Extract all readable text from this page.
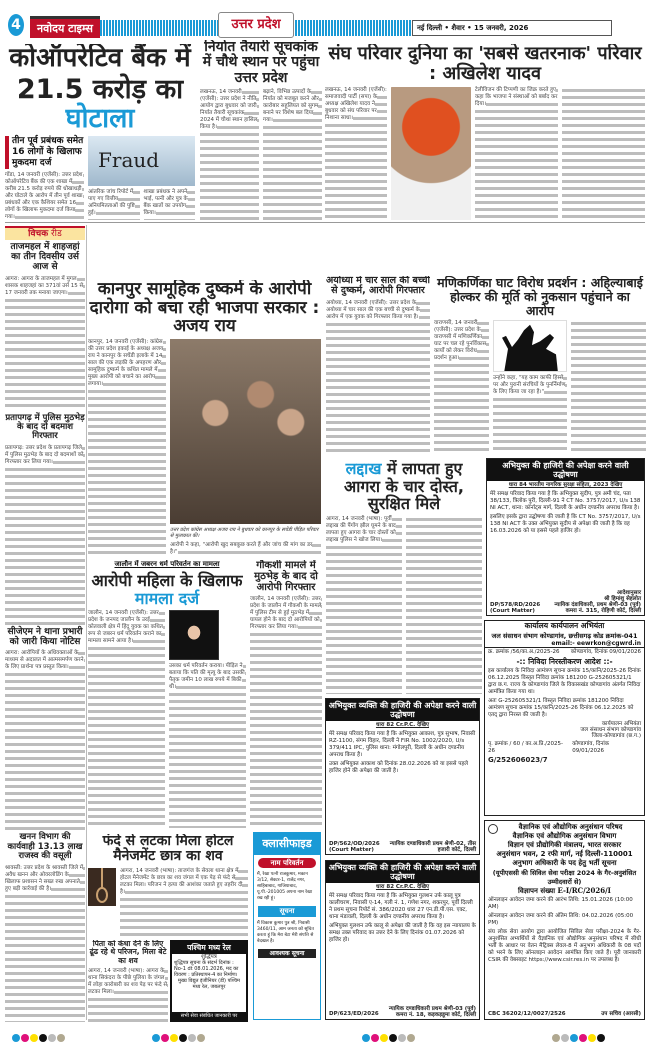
4	नवोदय टाइम्स	उत्तर प्रदेश	नई दिल्ली • शैवार • 15 जनवरी, 2026
कोऑपरेटिव बैंक में
21.5 करोड़ का घोटाला
तीन पूर्व प्रबंधक समेत 16 लोगों के खिलाफ मुकदमा दर्ज
गोंडा, 14 जनवरी (एजेंसी): उत्तर प्रदेश कोऑपरेटिव बैंक की एक शाखा में करीब 21.5 करोड़ रुपये की धोखाधड़ी और घोटाले के आरोप में तीन पूर्व शाखा प्रबंधकों और एक कैशियर समेत 16 लोगों के खिलाफ मुकदमा दर्ज किया गया।
Fraud
आंतरिक जांच रिपोर्ट में पाए गए वित्तीय अनियमितताओं की पुष्टि हुई।
शाखा प्रबंधक ने अपने भाई, पत्नी और पुत्र के बैंक खातों का उपयोग किया।
निर्यात तैयारी सूचकांक में चौथे स्थान पर पहुंचा उत्तर प्रदेश
लखनऊ, 14 जनवरी (एजेंसी): उत्तर प्रदेश ने नीति आयोग द्वारा बुधवार को जारी निर्यात तैयारी सूचकांक 2024 में चौथा स्थान हासिल किया है।
बढ़ाने, विभिन्न उत्पादों के निर्यात को मजबूत करने और कारोबार सहूलियत को सुगम बनाने पर विशेष बल दिया गया।
संघ परिवार दुनिया का 'सबसे खतरनाक' परिवार : अखिलेश यादव
लखनऊ, 14 जनवरी (एजेंसी): समाजवादी पार्टी (सपा) के अध्यक्ष अखिलेश यादव ने बुधवार को संघ परिवार पर निशाना साधा।
टेलीविजन की टिप्पणी का जिक्र करते हुए कहा कि भाजपा ने संस्थाओं को बर्बाद कर दिया।
विचक रीड
ताजमहल में शाहजहां का तीन दिवसीय उर्स आज से
आगरा: आगरा के ताजमहल में मुगल शासक शाहजहां का 371वां उर्स 15 से 17 जनवरी तक मनाया जाएगा।
प्रतापगढ़ में पुलिस मुठभेड़ के बाद दो बदमाश गिरफ्तार
प्रतापगढ़: उत्तर प्रदेश के प्रतापगढ़ जिले में पुलिस मुठभेड़ के बाद दो बदमाशों को गिरफ्तार कर लिया गया।
सीजेएम ने थाना प्रभारी को जारी किया नोटिस
आगरा: आरोपियों के अधिवक्ताओं के माध्यम से अदालत में आत्मसमर्पण करने के लिए प्रार्थना पत्र प्रस्तुत किया।
खनन विभाग की कार्यवाही 13.13 लाख राजस्व की वसूली
श्रावस्ती: उत्तर प्रदेश के श्रावस्ती जिले में अवैध खनन और ओवरलोडिंग के खिलाफ प्रशासन ने सख्त रुख अपनाते हुए बड़ी कार्रवाई की है।
कानपुर सामूहिक दुष्कर्म के आरोपी दारोगा को बचा रही भाजपा सरकार : अजय राय
कानपुर, 14 जनवरी (एजेंसी): कांग्रेस की उत्तर प्रदेश इकाई के अध्यक्ष अजय राय ने कानपुर के सचेंडी इलाके में 14 साल की एक लड़की के अपहरण और सामूहिक दुष्कर्म के कथित मामले में मुख्य आरोपी को बचाने का आरोप लगाया।
उत्तर प्रदेश कांग्रेस अध्यक्ष अजय राय ने बुधवार को कानपुर के सचेंडी पीड़ित परिवार से मुलाकात की।
आरोपी ने कहा, "आरोपी खुद सबकुछ करते हैं और जांच की मांग का डर है।"
जालौन में जबरन धर्म परिवर्तन का मामला
आरोपी महिला के खिलाफ मामला दर्ज
जालौन, 14 जनवरी (एजेंसी): उत्तर प्रदेश के जनपद जालौन के उरई कोतवाली क्षेत्र में हिंदू युवक का कथित रूप से जबरन धर्म परिवर्तन कराने का मामला सामने आया है।
उसका धर्म परिवर्तन कराया। पीड़ित ने बताया कि पति की मृत्यु के बाद उसकी पैतृक जमीन 10 लाख रुपये में बिकी थी।
गौकशी मामले में मुठभेड़ के बाद दो आरोपी गिरफ्तार
जालौन, 14 जनवरी (एजेंसी): उत्तर प्रदेश के जालौन में गौकशी के मामले में पुलिस टीम से हुई मुठभेड़ में घायल होने के बाद दो आरोपियों को गिरफ्तार कर लिया गया।
अयोध्या में चार साल की बच्ची से दुष्कर्म, आरोपी गिरफ्तार
अयोध्या, 14 जनवरी (एजेंसी): उत्तर प्रदेश के अयोध्या में चार साल की एक बच्ची से दुष्कर्म के आरोप में एक युवक को गिरफ्तार किया गया है।
मणिकर्णिका घाट विरोध प्रदर्शन : अहिल्याबाई होल्कर की मूर्ति को नुकसान पहुंचाने का आरोप
वाराणसी, 14 जनवरी (एजेंसी): उत्तर प्रदेश के वाराणसी में मणिकर्णिका घाट पर चल रहे पुनर्विकास कार्यों को लेकर विरोध प्रदर्शन हुआ।
उन्होंने कहा, "यह काम काफी हिस्से पर और पुरानी संरचियों के पुनर्निर्माण के लिए किया जा रहा है।"
लद्दाख में लापता हुए आगरा के चार दोस्त, सुरक्षित मिले
आगरा, 14 जनवरी (भाषा): पूर्वी लद्दाख की पैंगोंग झील घूमने के बाद लापता हुए आगरा के चार दोस्तों को लद्दाख पुलिस ने खोज लिया।
अभियुक्त की हाजिरी की अपेक्षा करने वाली उद्घोषणा
धारा 84 भारतीय नागरिक सुरक्षा संहिता, 2023 देखिए
मेरे समक्ष परिवाद किया गया है कि अभियुक्त सुदीप, पुत्र अमी चंद, पता 38/133, त्रिलोक पुरी, दिल्ली-91 ने CT No. 3757/2017, U/s 138 NI ACT, थाना: कॉर्नाट्स मार्ग, दिल्ली के अधीन दण्डनीय अपराध किया है।
इसलिए इसके द्वारा उद्घोषणा की जाती है कि CT No. 3757/2017, U/s 138 NI ACT के उक्त अभियुक्त सुदीप से अपेक्षा की जाती है कि वह 16.03.2026 को या इससे पहले हाजिर हो।
DP/578/RD/2026
(Court Matter)
आदेशानुसार
श्री हिमांशु सेहलोत
न्यायिक दंडाधिकारी, प्रथम श्रेणी-03 (पूर्व)
कमरा नं. 315, रोहिणी कोर्ट, दिल्ली
कार्यालय कार्यपालन अभियंता
जल संसाधन संभाग कोण्डागांव, छत्तीसगढ़ कोड क्रमांक-041
email:- eewrkon@cgwrd.in
क्र. क्रमांक /56/का.अ./2025-26 कोण्डागांव, दिनांक 09/01/2026
-:: निविदा निरस्तीकरण आदेश ::-
इस कार्यालय के निविदा आमंत्रण सूचना क्रमांक 15/कानि/2025-26 दिनांक 06.12.2025 विस्तृत निविदा क्रमांक 181200 G-252605321/1 द्वारा छ.ग. राज्य के कोण्डागांव जिले के विकासखंड कोण्डागांव अंतर्गत निविदा आमंत्रित किया गया था।
अतः G-252605321/1 विस्तृत निविदा क्रमांक 181200 निविदा आमंत्रण सूचना क्रमांक 15/कानि/2025-26 दिनांक 06.12.2025 को एतद् द्वारा निरस्त की जाती है।
कार्यपालन अभियंता
जल संसाधन संभाग कोण्डागांव
जिला-कोण्डागांव (छ.ग.)
पृ. क्रमांक / 60 / का.अ.प्रि./2025-26
कोण्डागांव, दिनांक 09/01/2026
G/252606023/7
अभियुक्त व्यक्ति की हाजिरी की अपेक्षा करने वाली उद्घोषणा
धारा 82 Cr.P.C. देखिए
मेरे समक्ष परिवाद किया गया है कि अभियुक्त आकाश, पुत्र सुभाष, निवासी RZ-1100, संगम विहार, दिल्ली ने FIR No. 1002/2020, U/s 379/411 IPC, पुलिस थाना: मंगोलपुरी, दिल्ली के अधीन दण्डनीय अपराध किया है।
उक्त अभियुक्त आकाश को दिनांक 28.02.2026 को या इससे पहले हाजिर होने की अपेक्षा की जाती है।
DP/562/OD/2026
(Court Matter)
न्यायिक दण्डाधिकारी प्रथम श्रेणी-02, तीस हजारी कोर्ट, दिल्ली
अभियुक्त व्यक्ति की हाजिरी की अपेक्षा करने वाली उद्घोषणा
धारा 82 Cr.P.C. देखिए
मेरे समक्ष परिवाद किया गया है कि अभियुक्त गुलशन उर्फ कालू पुत्र कालीचरण, निवासी ए-14, गली नं. 1, गणेश नगर, शकरपुर, पूर्वी दिल्ली ने प्रथम सूचना रिपोर्ट सं. 386/2020 धारा 27 एन.डी.पी.एस. एक्ट, थाना मंडावली, दिल्ली के अधीन दण्डनीय अपराध किया है।
अभियुक्त गुलशन उर्फ कालू से अपेक्षा की जाती है कि वह इस न्यायालय के समक्ष उक्त परिवाद का उत्तर देने के लिए दिनांक 01.07.2026 को हाजिर हो।
DP/623/ED/2026
न्यायिक दण्डाधिकारी प्रथम श्रेणी-03 (पूर्व) कमरा नं. 18, कड़कड़डूमा कोर्ट, दिल्ली
वैज्ञानिक एवं औद्योगिक अनुसंधान परिषद
वैज्ञानिक एवं औद्योगिक अनुसंधान विभाग
विज्ञान एवं प्रौद्योगिकी मंत्रालय, भारत सरकार
अनुसंधान भवन, 2 रफी मार्ग, नई दिल्ली-110001
अनुभाग अधिकारी के पद हेतु भर्ती सूचना
(यूपीएससी की सिविल सेवा परीक्षा 2024 के गैर-अनुशंसित उम्मीदवारों से)
विज्ञापन संख्या E-I/RC/2026/I
ऑनलाइन आवेदन जमा करने की आरंभ तिथि: 15.01.2026 (10:00 AM)
ऑनलाइन आवेदन जमा करने की अंतिम तिथि: 04.02.2026 (05:00 PM)
संघ लोक सेवा आयोग द्वारा आयोजित सिविल सेवा परीक्षा-2024 के गैर-अनुशंसित अभ्यर्थियों से वैज्ञानिक एवं औद्योगिक अनुसंधान परिषद में सीधी भर्ती के आधार पर वेतन मैट्रिक्स लेवल-8 में अनुभाग अधिकारी के 08 पदों को भरने के लिए ऑनलाइन आवेदन आमंत्रित किए जाते हैं। पूरी जानकारी CSIR की वेबसाइट https://www.csir.res.in पर उपलब्ध है।
CBC 36202/12/0027/2526	उप सचिव (आरसी)
फंदे से लटका मिला होटल मैनेजमेंट छात्र का शव
आगरा, 14 जनवरी (भाषा): ताजगंज के सेवला थाना क्षेत्र में होटल मैनेजमेंट के छात्र का शव जंगल में एक पेड़ से फंदे से लटका मिला। परिजन ने हत्या की आशंका जताते हुए तहरीर दी है।
पिता को कंधा देने के लिए ढूंढ रहे थे परिजन, मिला बेटे का शव
आगरा, 14 जनवरी (भाषा): आगरा के थाना सिकंदरा के पीछे पुलिया के जंगल में लोहा कारोबारी का शव पेड़ पर फंदे से लटका मिला।
पश्चिम मध्य रेल
शुद्धिपत्र
शुद्धिपत्र सूचना के संदर्भ दिनांक : No-1 dt 08.01.2026, मद का विवरण : प्रतिस्थापन-4 का निर्माण।
मुख्य विद्युत इंजीनियर (डी) पश्चिम मध्य रेल, जबलपुर
सभी सेवा संबंधित जानकारी पर
क्लासीफाइड
नाम परिवर्तन
मैं, रेखा पत्नी राजकुमार, मकान 3/12, सेक्टर-1, राजेंद्र नगर, साहिबाबाद, गाजियाबाद, यू.पी.-201005 अपना नाम रेखा रख रही हूं।
सूचना
मैं विकास कुमार पुत्र श्री, निवासी 3460/11, आम जनता को सूचित करता हूं कि मेरा बेटा मेरी संपत्ति से बेदखल है।
आवश्यक सूचना
